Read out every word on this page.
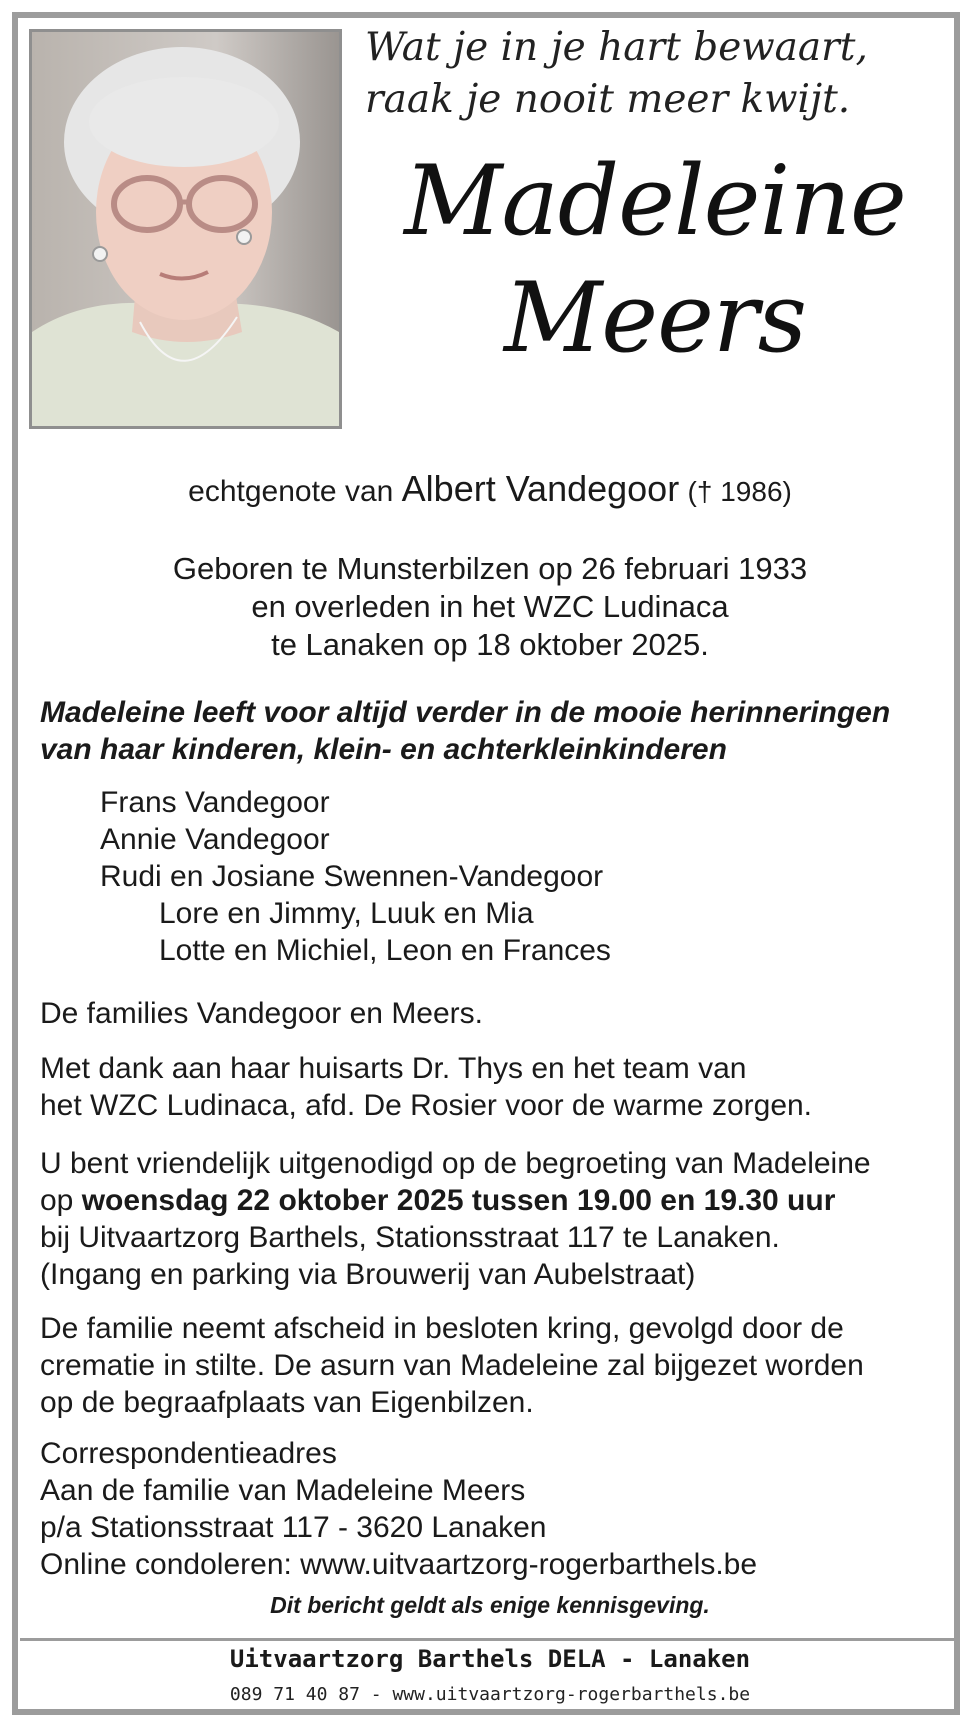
Wat je in je hart bewaart,
raak je nooit meer kwijt.
Madeleine
Meers
echtgenote van Albert Vandegoor († 1986)
Geboren te Munsterbilzen op 26 februari 1933
en overleden in het WZC Ludinaca
te Lanaken op 18 oktober 2025.
Madeleine leeft voor altijd verder in de mooie herinneringen
van haar kinderen, klein- en achterkleinkinderen
Frans Vandegoor
Annie Vandegoor
Rudi en Josiane Swennen-Vandegoor
Lore en Jimmy, Luuk en Mia
Lotte en Michiel, Leon en Frances
De families Vandegoor en Meers.
Met dank aan haar huisarts Dr. Thys en het team van
het WZC Ludinaca, afd. De Rosier voor de warme zorgen.
U bent vriendelijk uitgenodigd op de begroeting van Madeleine
op woensdag 22 oktober 2025 tussen 19.00 en 19.30 uur
bij Uitvaartzorg Barthels, Stationsstraat 117 te Lanaken.
(Ingang en parking via Brouwerij van Aubelstraat)
De familie neemt afscheid in besloten kring, gevolgd door de
crematie in stilte. De asurn van Madeleine zal bijgezet worden
op de begraafplaats van Eigenbilzen.
Correspondentieadres
Aan de familie van Madeleine Meers
p/a Stationsstraat 117 - 3620 Lanaken
Online condoleren: www.uitvaartzorg-rogerbarthels.be
Dit bericht geldt als enige kennisgeving.
Uitvaartzorg Barthels DELA - Lanaken
089 71 40 87 - www.uitvaartzorg-rogerbarthels.be
